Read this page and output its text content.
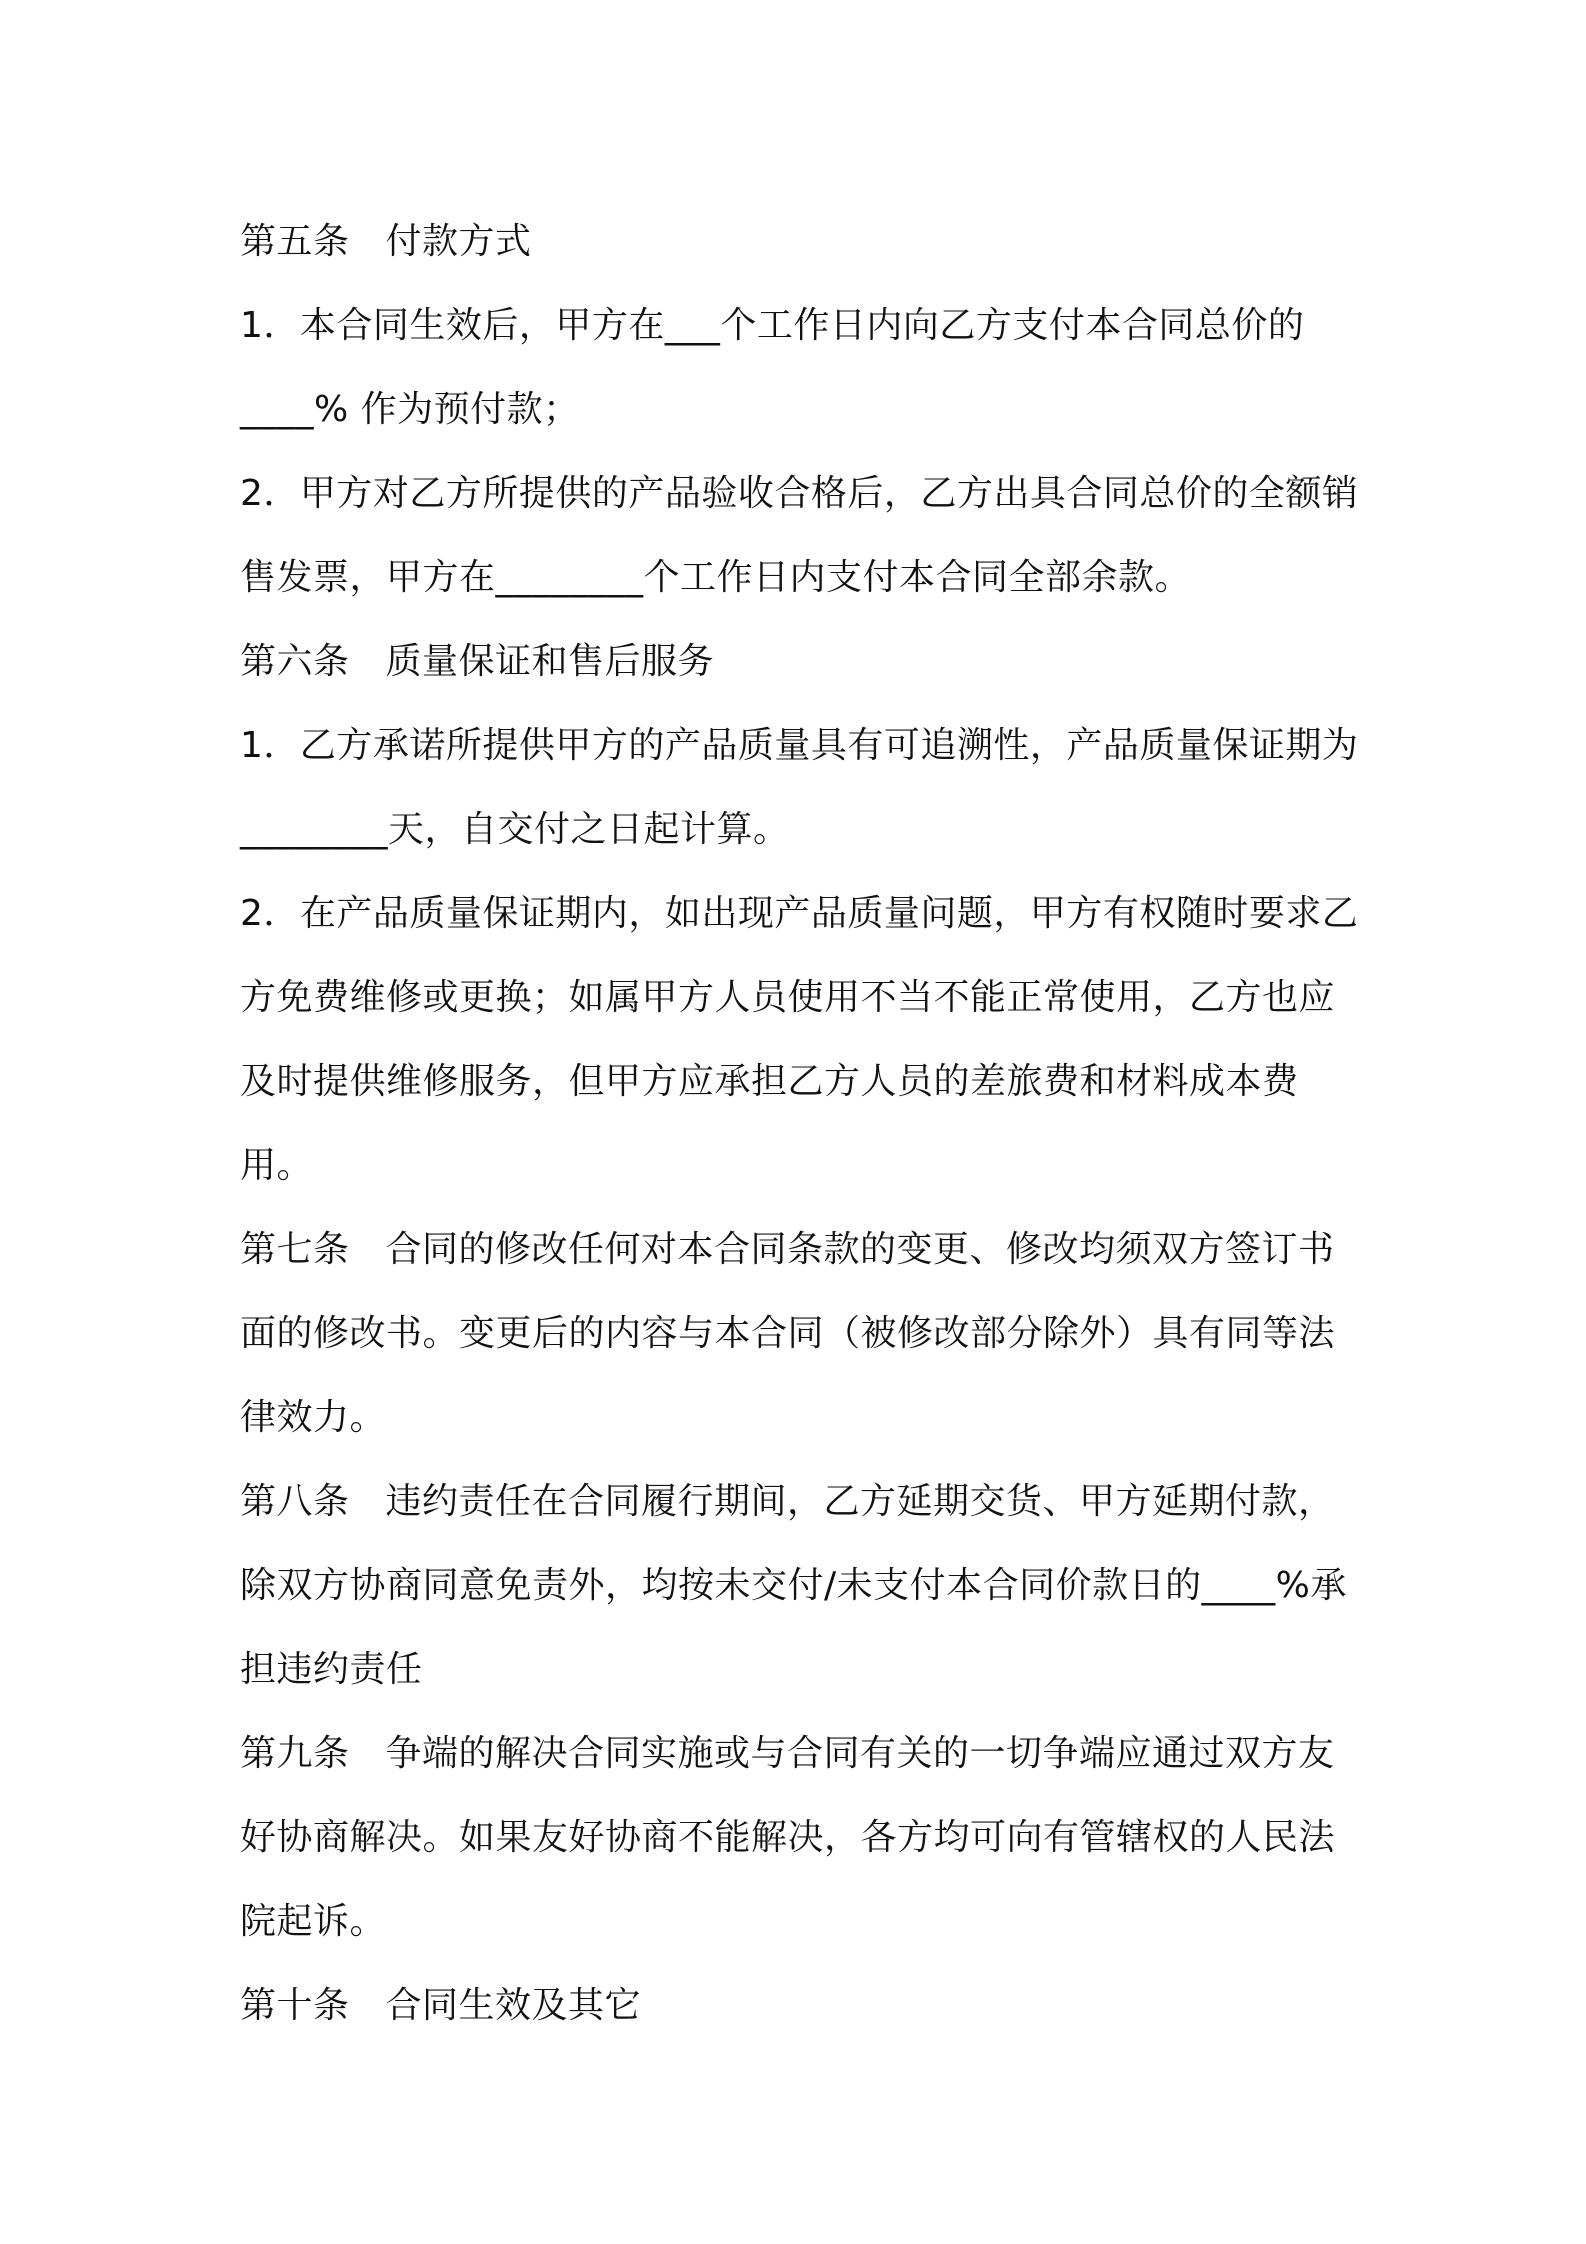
第五条 付款方式

1．本合同生效后，甲方在___个工作日内向乙方支付本合同总价的____% 作为预付款；

2．甲方对乙方所提供的产品验收合格后，乙方出具合同总价的全额销售发票，甲方在________个工作日内支付本合同全部余款。

第六条 质量保证和售后服务

1．乙方承诺所提供甲方的产品质量具有可追溯性，产品质量保证期为________天，自交付之日起计算。

2．在产品质量保证期内，如出现产品质量问题，甲方有权随时要求乙方免费维修或更换；如属甲方人员使用不当不能正常使用，乙方也应及时提供维修服务，但甲方应承担乙方人员的差旅费和材料成本费用。

第七条 合同的修改任何对本合同条款的变更、修改均须双方签订书面的修改书。变更后的内容与本合同（被修改部分除外）具有同等法律效力。

第八条 违约责任在合同履行期间，乙方延期交货、甲方延期付款，除双方协商同意免责外，均按未交付/未支付本合同价款日的____%承担违约责任

第九条 争端的解决合同实施或与合同有关的一切争端应通过双方友好协商解决。如果友好协商不能解决，各方均可向有管辖权的人民法院起诉。

第十条 合同生效及其它
